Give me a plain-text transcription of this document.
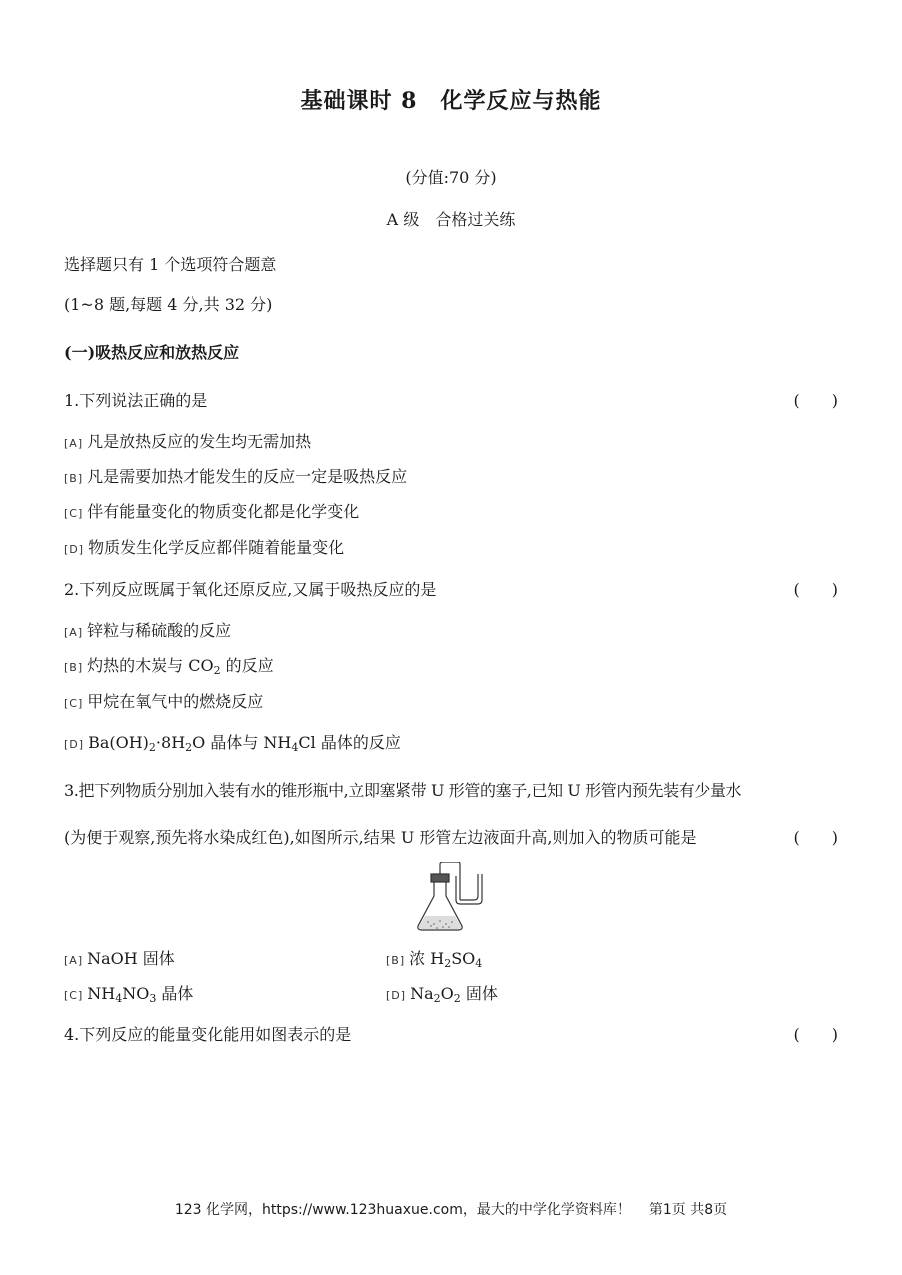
基础课时 8　化学反应与热能
(分值:70 分)
A 级　合格过关练
选择题只有 1 个选项符合题意
(1~8 题,每题 4 分,共 32 分)
(一)吸热反应和放热反应
1.下列说法正确的是	(　　)
[A] 凡是放热反应的发生均无需加热
[B] 凡是需要加热才能发生的反应一定是吸热反应
[C] 伴有能量变化的物质变化都是化学变化
[D] 物质发生化学反应都伴随着能量变化
2.下列反应既属于氧化还原反应,又属于吸热反应的是	(　　)
[A] 锌粒与稀硫酸的反应
[B] 灼热的木炭与 $CO_2$ 的反应
[C] 甲烷在氧气中的燃烧反应
[D] $Ba(OH)_2\cdot 8H_2O$ 晶体与 $NH_4Cl$ 晶体的反应
3.把下列物质分别加入装有水的锥形瓶中,立即塞紧带 U 形管的塞子,已知 U 形管内预先装有少量水
(为便于观察,预先将水染成红色),如图所示,结果 U 形管左边液面升高,则加入的物质可能是	(　　)
[A] NaOH 固体	[B] 浓 $H_2SO_4$
[C] $NH_4NO_3$ 晶体	[D] $Na_2O_2$ 固体
4.下列反应的能量变化能用如图表示的是	(　　)
123 化学网，https://www.123huaxue.com，最大的中学化学资料库！ 第1页 共8页
